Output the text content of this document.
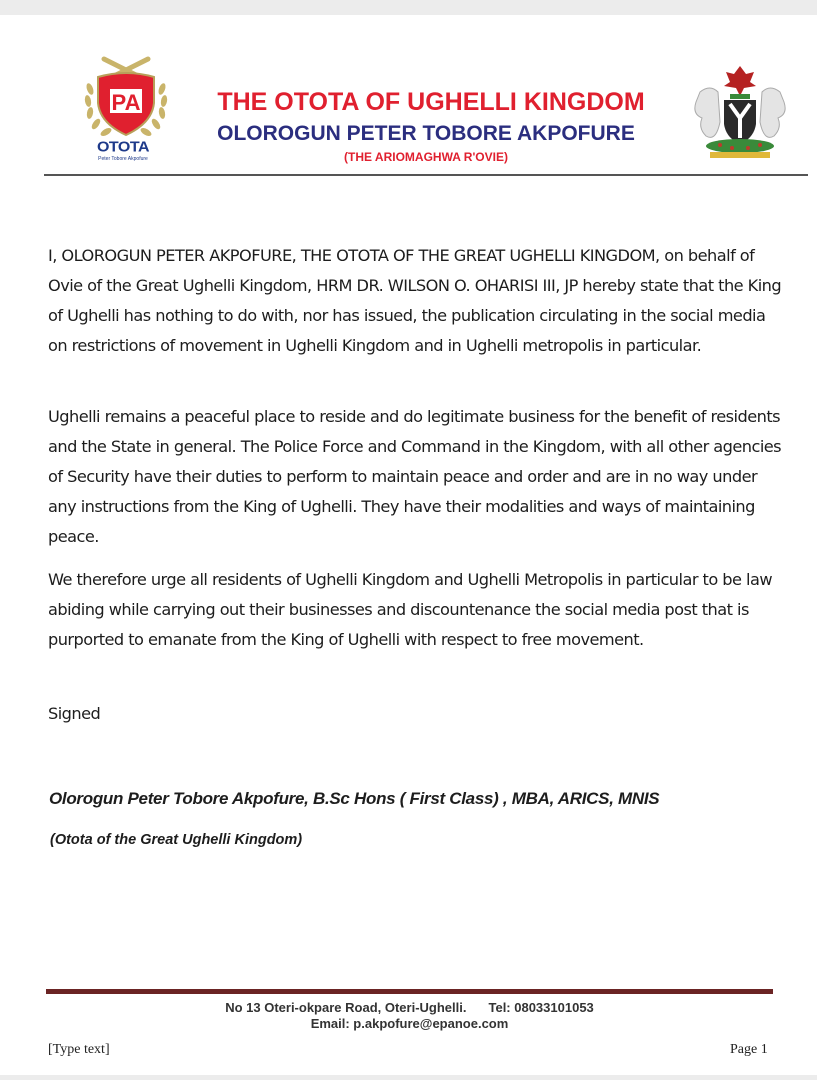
PA
OTOTA
Peter Tobore Akpofure
THE OTOTA OF UGHELLI KINGDOM
OLOROGUN PETER TOBORE AKPOFURE
(THE ARIOMAGHWA R'OVIE)

I, OLOROGUN PETER AKPOFURE, THE OTOTA OF THE GREAT UGHELLI KINGDOM, on behalf of Ovie of the Great Ughelli Kingdom, HRM DR. WILSON O. OHARISI III, JP hereby state that the King of Ughelli has nothing to do with, nor has issued, the publication circulating in the social media on restrictions of movement in Ughelli Kingdom and in Ughelli metropolis in particular.

Ughelli remains a peaceful place to reside and do legitimate business for the benefit of residents and the State in general. The Police Force and Command in the Kingdom, with all other agencies of Security have their duties to perform to maintain peace and order and are in no way under any instructions from the King of Ughelli. They have their modalities and ways of maintaining peace.

We therefore urge all residents of Ughelli Kingdom and Ughelli Metropolis in particular to be law abiding while carrying out their businesses and discountenance the social media post that is purported to emanate from the King of Ughelli with respect to free movement.

Signed
Olorogun Peter Tobore Akpofure, B.Sc Hons ( First Class) , MBA, ARICS, MNIS
(Otota of the Great Ughelli Kingdom)
No 13 Oteri-okpare Road, Oteri-Ughelli. Tel: 08033101053
Email: p.akpofure@epanoe.com
[Type text]	Page 1
